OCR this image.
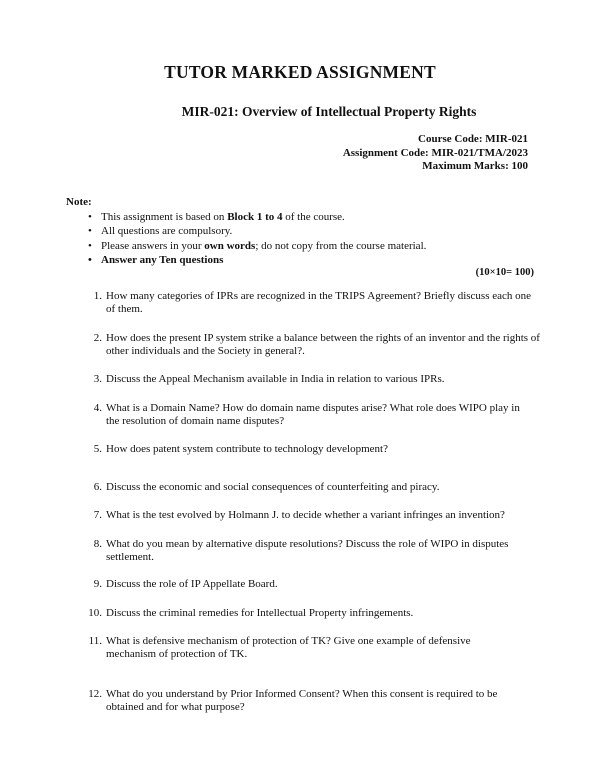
TUTOR MARKED ASSIGNMENT
MIR-021: Overview of Intellectual Property Rights
Course Code: MIR-021
Assignment Code: MIR-021/TMA/2023
Maximum Marks: 100
Note:
• This assignment is based on Block 1 to 4 of the course.
• All questions are compulsory.
• Please answers in your own words; do not copy from the course material.
• Answer any Ten questions
(10×10= 100)
1. How many categories of IPRs are recognized in the TRIPS Agreement? Briefly discuss each one of them.
2. How does the present IP system strike a balance between the rights of an inventor and the rights of other individuals and the Society in general?.
3. Discuss the Appeal Mechanism available in India in relation to various IPRs.
4. What is a Domain Name? How do domain name disputes arise? What role does WIPO play in the resolution of domain name disputes?
5. How does patent system contribute to technology development?
6. Discuss the economic and social consequences of counterfeiting and piracy.
7. What is the test evolved by Holmann J. to decide whether a variant infringes an invention?
8. What do you mean by alternative dispute resolutions? Discuss the role of WIPO in disputes settlement.
9. Discuss the role of IP Appellate Board.
10. Discuss the criminal remedies for Intellectual Property infringements.
11. What is defensive mechanism of protection of TK? Give one example of defensive mechanism of protection of TK.
12. What do you understand by Prior Informed Consent? When this consent is required to be obtained and for what purpose?
